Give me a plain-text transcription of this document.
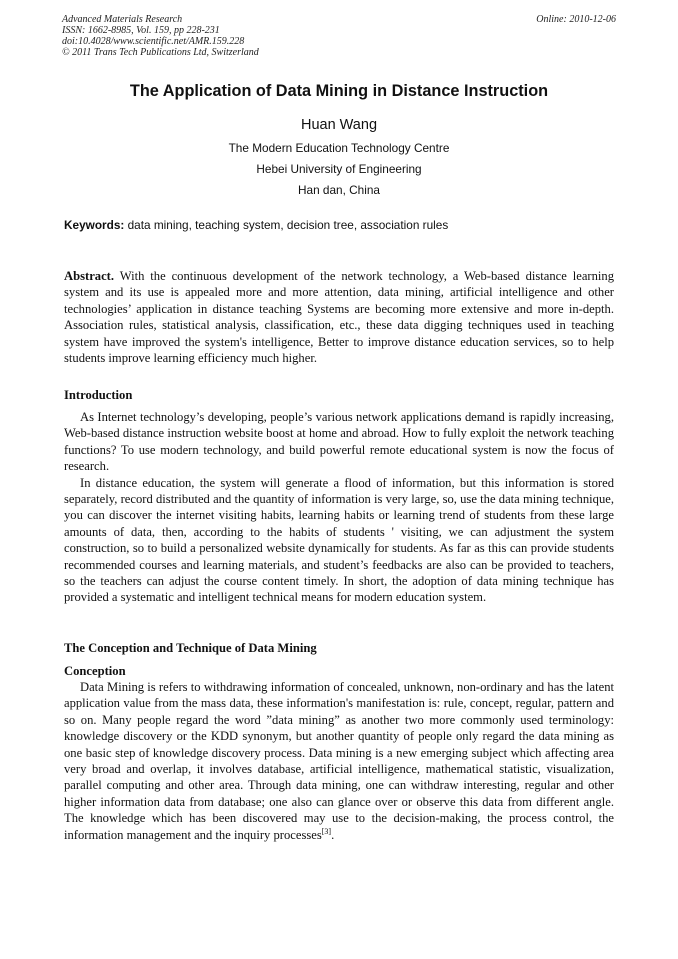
Advanced Materials Research
ISSN: 1662-8985, Vol. 159, pp 228-231
doi:10.4028/www.scientific.net/AMR.159.228
© 2011 Trans Tech Publications Ltd, Switzerland
Online: 2010-12-06
The Application of Data Mining in Distance Instruction
Huan Wang
The Modern Education Technology Centre
Hebei University of Engineering
Han dan, China
Keywords: data mining, teaching system, decision tree, association rules

Abstract. With the continuous development of the network technology, a Web-based distance learning system and its use is appealed more and more attention, data mining, artificial intelligence and other technologies’ application in distance teaching Systems are becoming more extensive and more in-depth. Association rules, statistical analysis, classification, etc., these data digging techniques used in teaching system have improved the system's intelligence, Better to improve distance education services, so to help students improve learning efficiency much higher.

Introduction

As Internet technology’s developing, people’s various network applications demand is rapidly increasing, Web-based distance instruction website boost at home and abroad. How to fully exploit the network teaching functions? To use modern technology, and build powerful remote educational system is now the focus of research.

In distance education, the system will generate a flood of information, but this information is stored separately, record distributed and the quantity of information is very large, so, use the data mining technique, you can discover the internet visiting habits, learning habits or learning trend of students from these large amounts of data, then, according to the habits of students ' visiting, we can adjustment the system construction, so to build a personalized website dynamically for students. As far as this can provide students recommended courses and learning materials, and student’s feedbacks are also can be provided to teachers, so the teachers can adjust the course content timely. In short, the adoption of data mining technique has provided a systematic and intelligent technical means for modern education system.

The Conception and Technique of Data Mining
Conception

Data Mining is refers to withdrawing information of concealed, unknown, non-ordinary and has the latent application value from the mass data, these information's manifestation is: rule, concept, regular, pattern and so on. Many people regard the word ”data mining” as another two more commonly used terminology: knowledge discovery or the KDD synonym, but another quantity of people only regard the data mining as one basic step of knowledge discovery process. Data mining is a new emerging subject which affecting area very broad and overlap, it involves database, artificial intelligence, mathematical statistic, visualization, parallel computing and other area. Through data mining, one can withdraw interesting, regular and other higher information data from database; one also can glance over or observe this data from different angle. The knowledge which has been discovered may use to the decision-making, the process control, the information management and the inquiry processes[3].
